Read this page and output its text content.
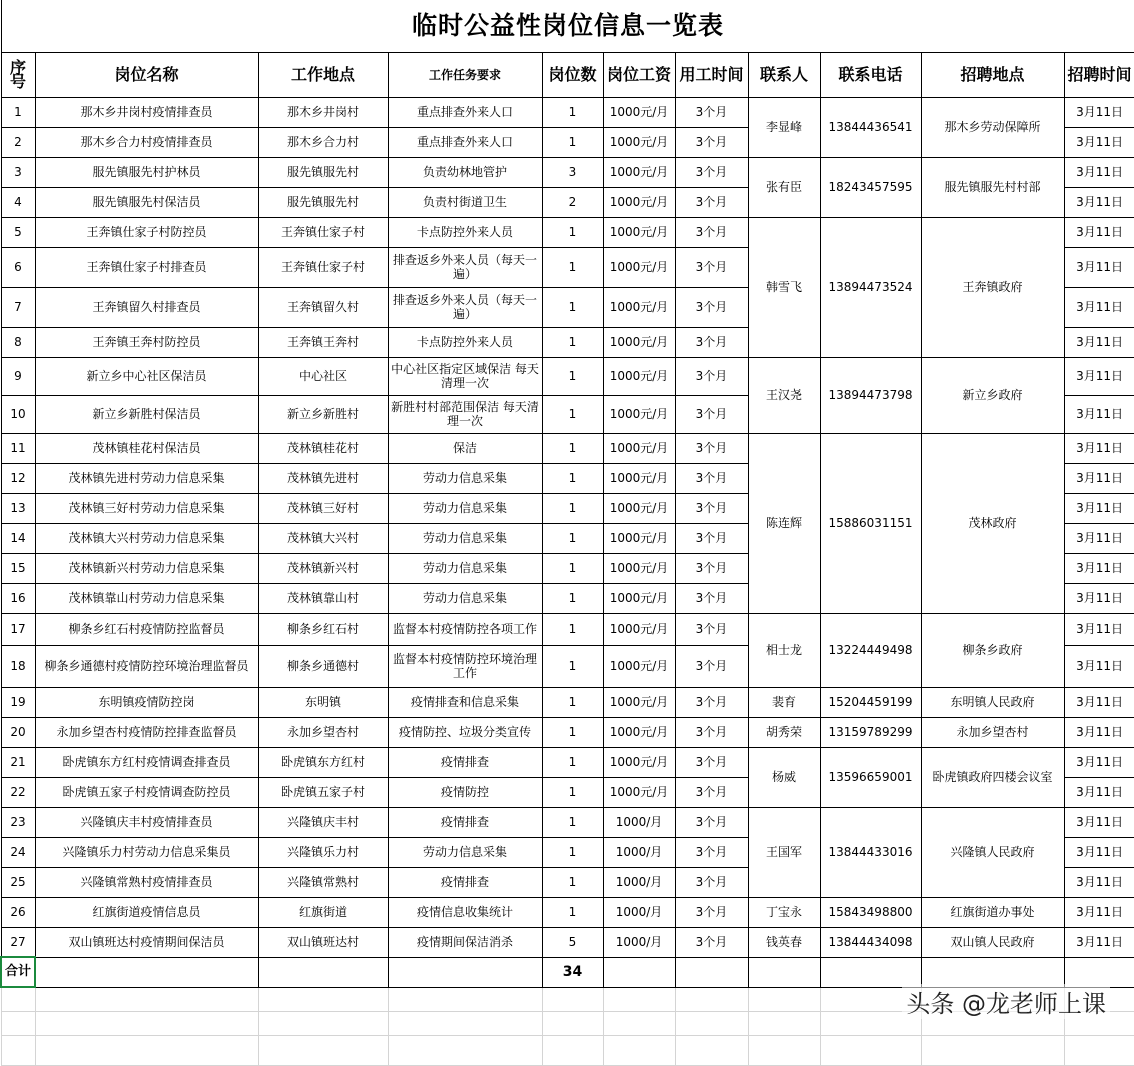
临时公益性岗位信息一览表										
序号	岗位名称	工作地点	工作任务要求	岗位数	岗位工资	用工时间	联系人	联系电话	招聘地点	招聘时间
1	那木乡井岗村疫情排查员	那木乡井岗村	重点排查外来人口	1	1000元/月	3个月	李显峰	13844436541	那木乡劳动保障所	3月11日
2	那木乡合力村疫情排查员	那木乡合力村	重点排查外来人口	1	1000元/月	3个月				3月11日
3	服先镇服先村护林员	服先镇服先村	负责幼林地管护	3	1000元/月	3个月	张有臣	18243457595	服先镇服先村村部	3月11日
4	服先镇服先村保洁员	服先镇服先村	负责村街道卫生	2	1000元/月	3个月				3月11日
5	王奔镇仕家子村防控员	王奔镇仕家子村	卡点防控外来人员	1	1000元/月	3个月	韩雪飞	13894473524	王奔镇政府	3月11日
6	王奔镇仕家子村排查员	王奔镇仕家子村	排查返乡外来人员（每天一遍）	1	1000元/月	3个月				3月11日
7	王奔镇留久村排查员	王奔镇留久村	排查返乡外来人员（每天一遍）	1	1000元/月	3个月				3月11日
8	王奔镇王奔村防控员	王奔镇王奔村	卡点防控外来人员	1	1000元/月	3个月				3月11日
9	新立乡中心社区保洁员	中心社区	中心社区指定区域保洁 每天清理一次	1	1000元/月	3个月	王汉尧	13894473798	新立乡政府	3月11日
10	新立乡新胜村保洁员	新立乡新胜村	新胜村村部范围保洁 每天清理一次	1	1000元/月	3个月				3月11日
11	茂林镇桂花村保洁员	茂林镇桂花村	保洁	1	1000元/月	3个月	陈连辉	15886031151	茂林政府	3月11日
12	茂林镇先进村劳动力信息采集	茂林镇先进村	劳动力信息采集	1	1000元/月	3个月				3月11日
13	茂林镇三好村劳动力信息采集	茂林镇三好村	劳动力信息采集	1	1000元/月	3个月				3月11日
14	茂林镇大兴村劳动力信息采集	茂林镇大兴村	劳动力信息采集	1	1000元/月	3个月				3月11日
15	茂林镇新兴村劳动力信息采集	茂林镇新兴村	劳动力信息采集	1	1000元/月	3个月				3月11日
16	茂林镇靠山村劳动力信息采集	茂林镇靠山村	劳动力信息采集	1	1000元/月	3个月				3月11日
17	柳条乡红石村疫情防控监督员	柳条乡红石村	监督本村疫情防控各项工作	1	1000元/月	3个月	相士龙	13224449498	柳条乡政府	3月11日
18	柳条乡通德村疫情防控环境治理监督员	柳条乡通德村	监督本村疫情防控环境治理工作	1	1000元/月	3个月				3月11日
19	东明镇疫情防控岗	东明镇	疫情排查和信息采集	1	1000元/月	3个月	裴育	15204459199	东明镇人民政府	3月11日
20	永加乡望杏村疫情防控排查监督员	永加乡望杏村	疫情防控、垃圾分类宣传	1	1000元/月	3个月	胡秀荣	13159789299	永加乡望杏村	3月11日
21	卧虎镇东方红村疫情调查排查员	卧虎镇东方红村	疫情排查	1	1000元/月	3个月	杨威	13596659001	卧虎镇政府四楼会议室	3月11日
22	卧虎镇五家子村疫情调查防控员	卧虎镇五家子村	疫情防控	1	1000元/月	3个月				3月11日
23	兴隆镇庆丰村疫情排查员	兴隆镇庆丰村	疫情排查	1	1000/月	3个月	王国军	13844433016	兴隆镇人民政府	3月11日
24	兴隆镇乐力村劳动力信息采集员	兴隆镇乐力村	劳动力信息采集	1	1000/月	3个月				3月11日
25	兴隆镇常熟村疫情排查员	兴隆镇常熟村	疫情排查	1	1000/月	3个月				3月11日
26	红旗街道疫情信息员	红旗街道	疫情信息收集统计	1	1000/月	3个月	丁宝永	15843498800	红旗街道办事处	3月11日
27	双山镇班达村疫情期间保洁员	双山镇班达村	疫情期间保洁消杀	5	1000/月	3个月	钱英春	13844434098	双山镇人民政府	3月11日
合计				34						

头条 @龙老师上课
